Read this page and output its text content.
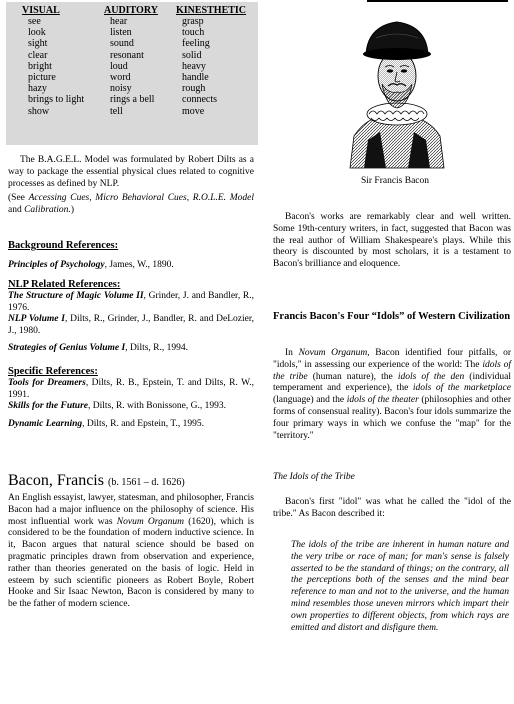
VISUAL
see
look
sight
clear
bright
picture
hazy
brings to light
show
AUDITORY
hear
listen
sound
resonant
loud
word
noisy
rings a bell
tell
KINESTHETIC
grasp
touch
feeling
solid
heavy
handle
rough
connects
move
The B.A.G.E.L. Model was formulated by Robert Dilts as a way to package the essential physical clues related to cognitive processes as defined by NLP.
(See Accessing Cues, Micro Behavioral Cues, R.O.L.E. Model and Calibration.)
Background References:
Principles of Psychology, James, W., 1890.
NLP Related References:
The Structure of Magic Volume II, Grinder, J. and Bandler, R., 1976.
NLP Volume I, Dilts, R., Grinder, J., Bandler, R. and DeLozier, J., 1980.
Strategies of Genius Volume I, Dilts, R., 1994.
Specific References:
Tools for Dreamers, Dilts, R. B., Epstein, T. and Dilts, R. W., 1991.
Skills for the Future, Dilts, R. with Bonissone, G., 1993.
Dynamic Learning, Dilts, R. and Epstein, T., 1995.
Bacon, Francis (b. 1561 – d. 1626)
An English essayist, lawyer, statesman, and philosopher, Francis Bacon had a major influence on the philosophy of science. His most influential work was Novum Organum (1620), which is considered to be the foundation of modern inductive science. In it, Bacon argues that natural science should be based on pragmatic principles drawn from observation and experience, rather than theories generated on the basis of logic. Held in esteem by such scientific pioneers as Robert Boyle, Robert Hooke and Sir Isaac Newton, Bacon is considered by many to be the father of modern science.
Sir Francis Bacon
Bacon's works are remarkably clear and well written. Some 19th-century writers, in fact, suggested that Bacon was the real author of William Shakespeare's plays. While this theory is discounted by most scholars, it is a testament to Bacon's brilliance and eloquence.
Francis Bacon's Four “Idols” of Western Civilization
In Novum Organum, Bacon identified four pitfalls, or "idols," in assessing our experience of the world: The idols of the tribe (human nature), the idols of the den (individual temperament and experience), the idols of the marketplace (language) and the idols of the theater (philosophies and other forms of consensual reality). Bacon's four idols summarize the four primary ways in which we confuse the "map" for the "territory."
The Idols of the Tribe
Bacon's first "idol" was what he called the "idol of the tribe." As Bacon described it:
The idols of the tribe are inherent in human nature and the very tribe or race of man; for man's sense is falsely asserted to be the standard of things; on the contrary, all the perceptions both of the senses and the mind bear reference to man and not to the universe, and the human mind resembles those uneven mirrors which impart their own properties to different objects, from which rays are emitted and distort and disfigure them.
